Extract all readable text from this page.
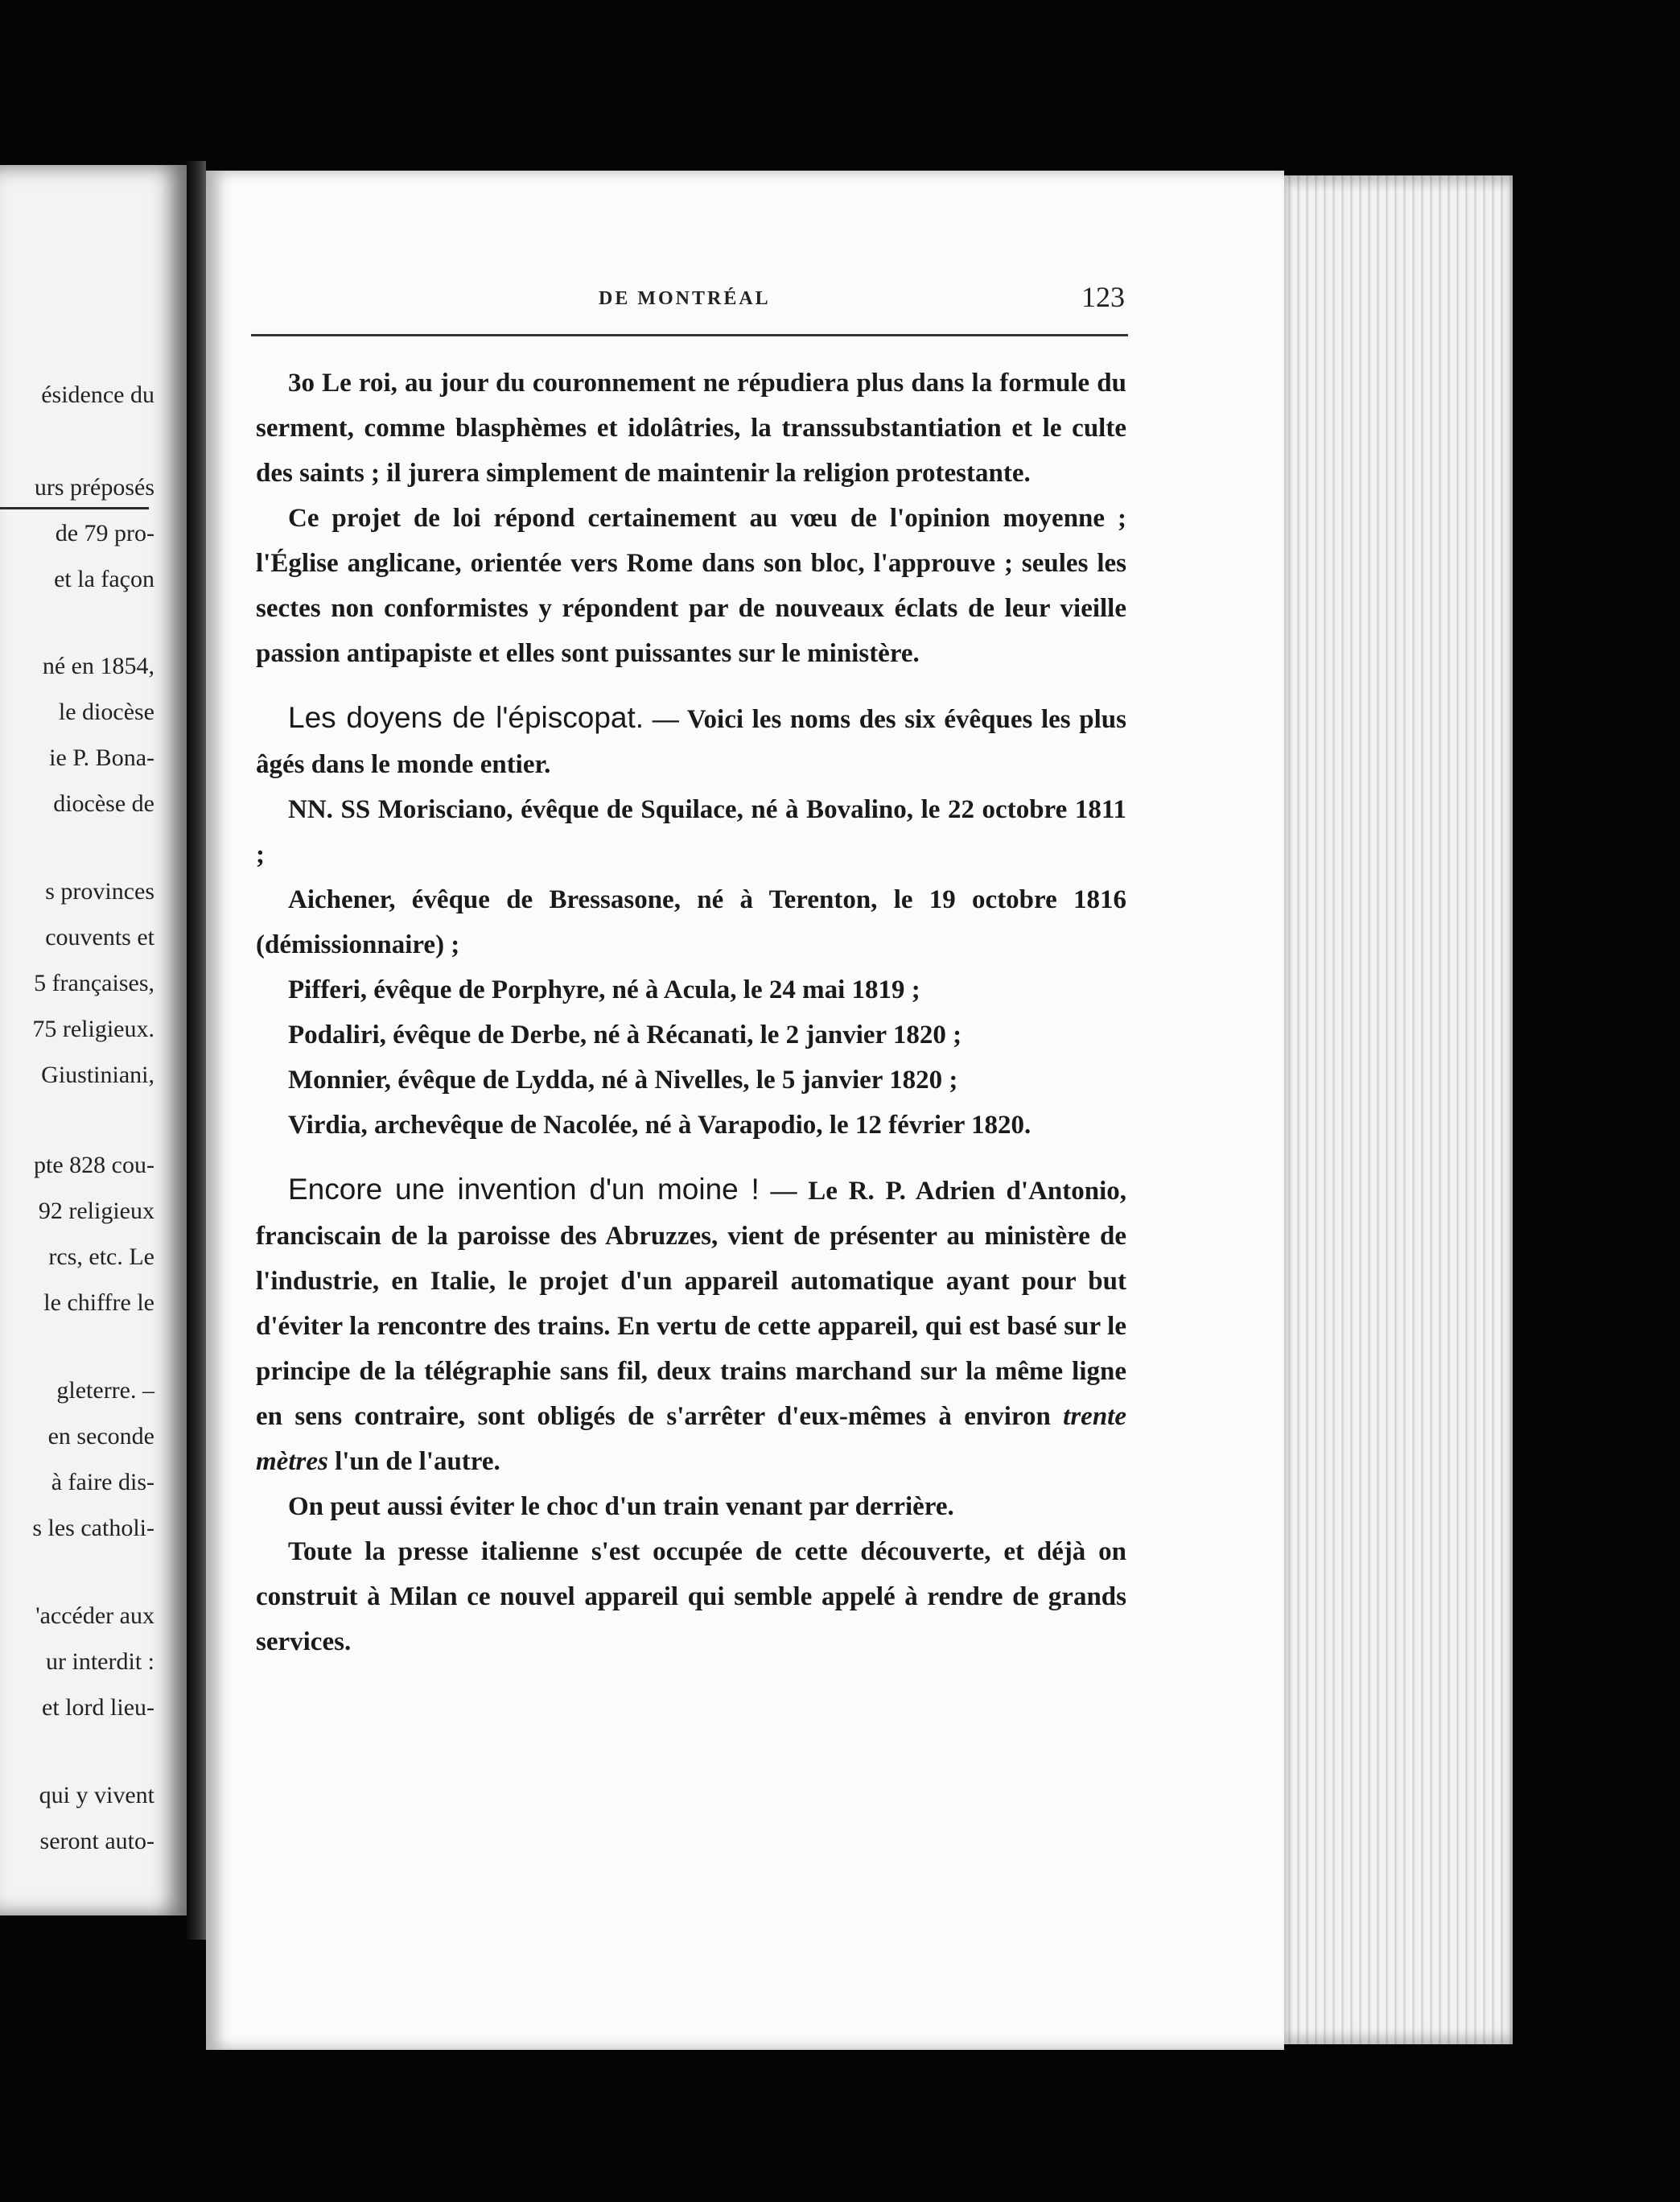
ésidence du
urs préposés
de 79 pro-
et la façon
né en 1854,
le diocèse
ie P. Bona-
diocèse de
s provinces
couvents et
5 françaises,
75 religieux.
Giustiniani,
pte 828 cou-
92 religieux
rcs, etc. Le
le chiffre le
gleterre. –
en seconde
à faire dis-
s les catholi-
'accéder aux
ur interdit :
et lord lieu-
qui y vivent
seront auto-
DE MONTRÉAL	123

3o Le roi, au jour du couronnement ne répudiera plus dans la formule du serment, comme blasphèmes et idolâtries, la transsubstantiation et le culte des saints ; il jurera simplement de maintenir la religion protestante.

Ce projet de loi répond certainement au vœu de l'opinion moyenne ; l'Église anglicane, orientée vers Rome dans son bloc, l'approuve ; seules les sectes non conformistes y répondent par de nouveaux éclats de leur vieille passion antipapiste et elles sont puissantes sur le ministère.

Les doyens de l'épiscopat. — Voici les noms des six évêques les plus âgés dans le monde entier.

NN. SS Morisciano, évêque de Squilace, né à Bovalino, le 22 octobre 1811 ;

Aichener, évêque de Bressasone, né à Terenton, le 19 octobre 1816 (démissionnaire) ;

Pifferi, évêque de Porphyre, né à Acula, le 24 mai 1819 ;

Podaliri, évêque de Derbe, né à Récanati, le 2 janvier 1820 ;

Monnier, évêque de Lydda, né à Nivelles, le 5 janvier 1820 ;

Virdia, archevêque de Nacolée, né à Varapodio, le 12 février 1820.

Encore une invention d'un moine ! — Le R. P. Adrien d'Antonio, franciscain de la paroisse des Abruzzes, vient de présenter au ministère de l'industrie, en Italie, le projet d'un appareil automatique ayant pour but d'éviter la rencontre des trains. En vertu de cette appareil, qui est basé sur le principe de la télégraphie sans fil, deux trains marchand sur la même ligne en sens contraire, sont obligés de s'arrêter d'eux-mêmes à environ trente mètres l'un de l'autre.

On peut aussi éviter le choc d'un train venant par derrière.

Toute la presse italienne s'est occupée de cette découverte, et déjà on construit à Milan ce nouvel appareil qui semble appelé à rendre de grands services.
